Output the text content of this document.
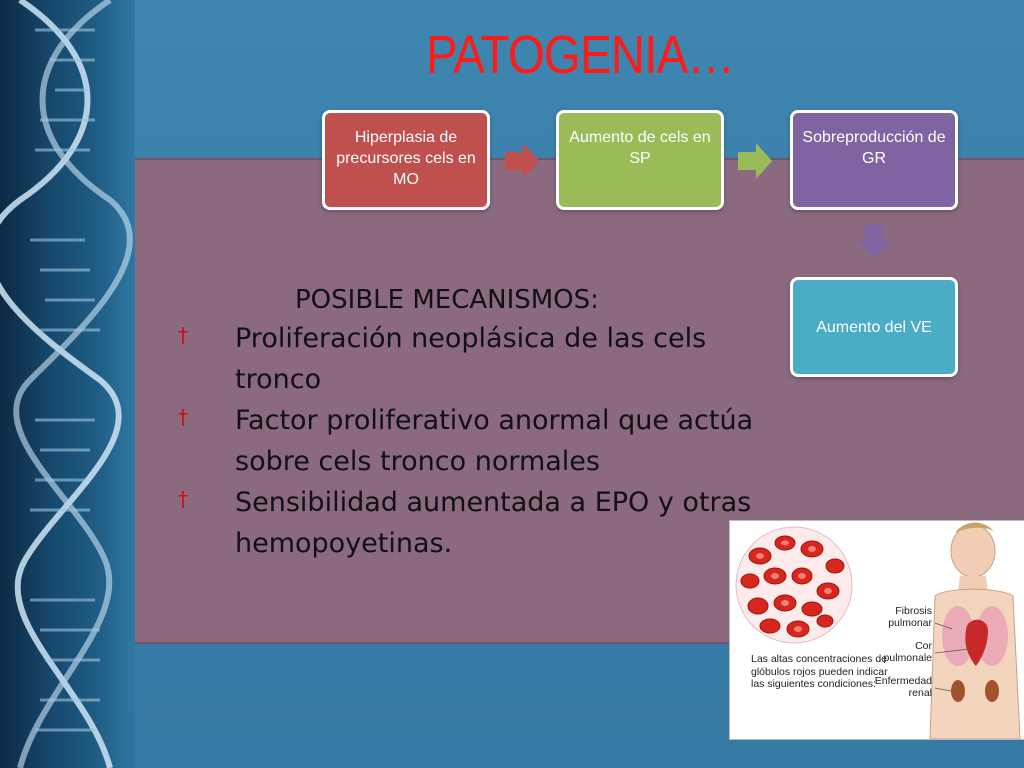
PATOGENIA…
Hiperplasia de precursores cels en MO
Aumento de cels en SP
Sobreproducción de GR
Aumento del VE
POSIBLE MECANISMOS:
† Proliferación neoplásica de las cels tronco
† Factor proliferativo anormal que actúa sobre cels tronco normales
† Sensibilidad aumentada a EPO y otras hemopoyetinas.
Fibrosis pulmonar
Cor pulmonale
Enfermedad renal
Las altas concentraciones de glóbulos rojos pueden indicar las siguientes condiciones:
